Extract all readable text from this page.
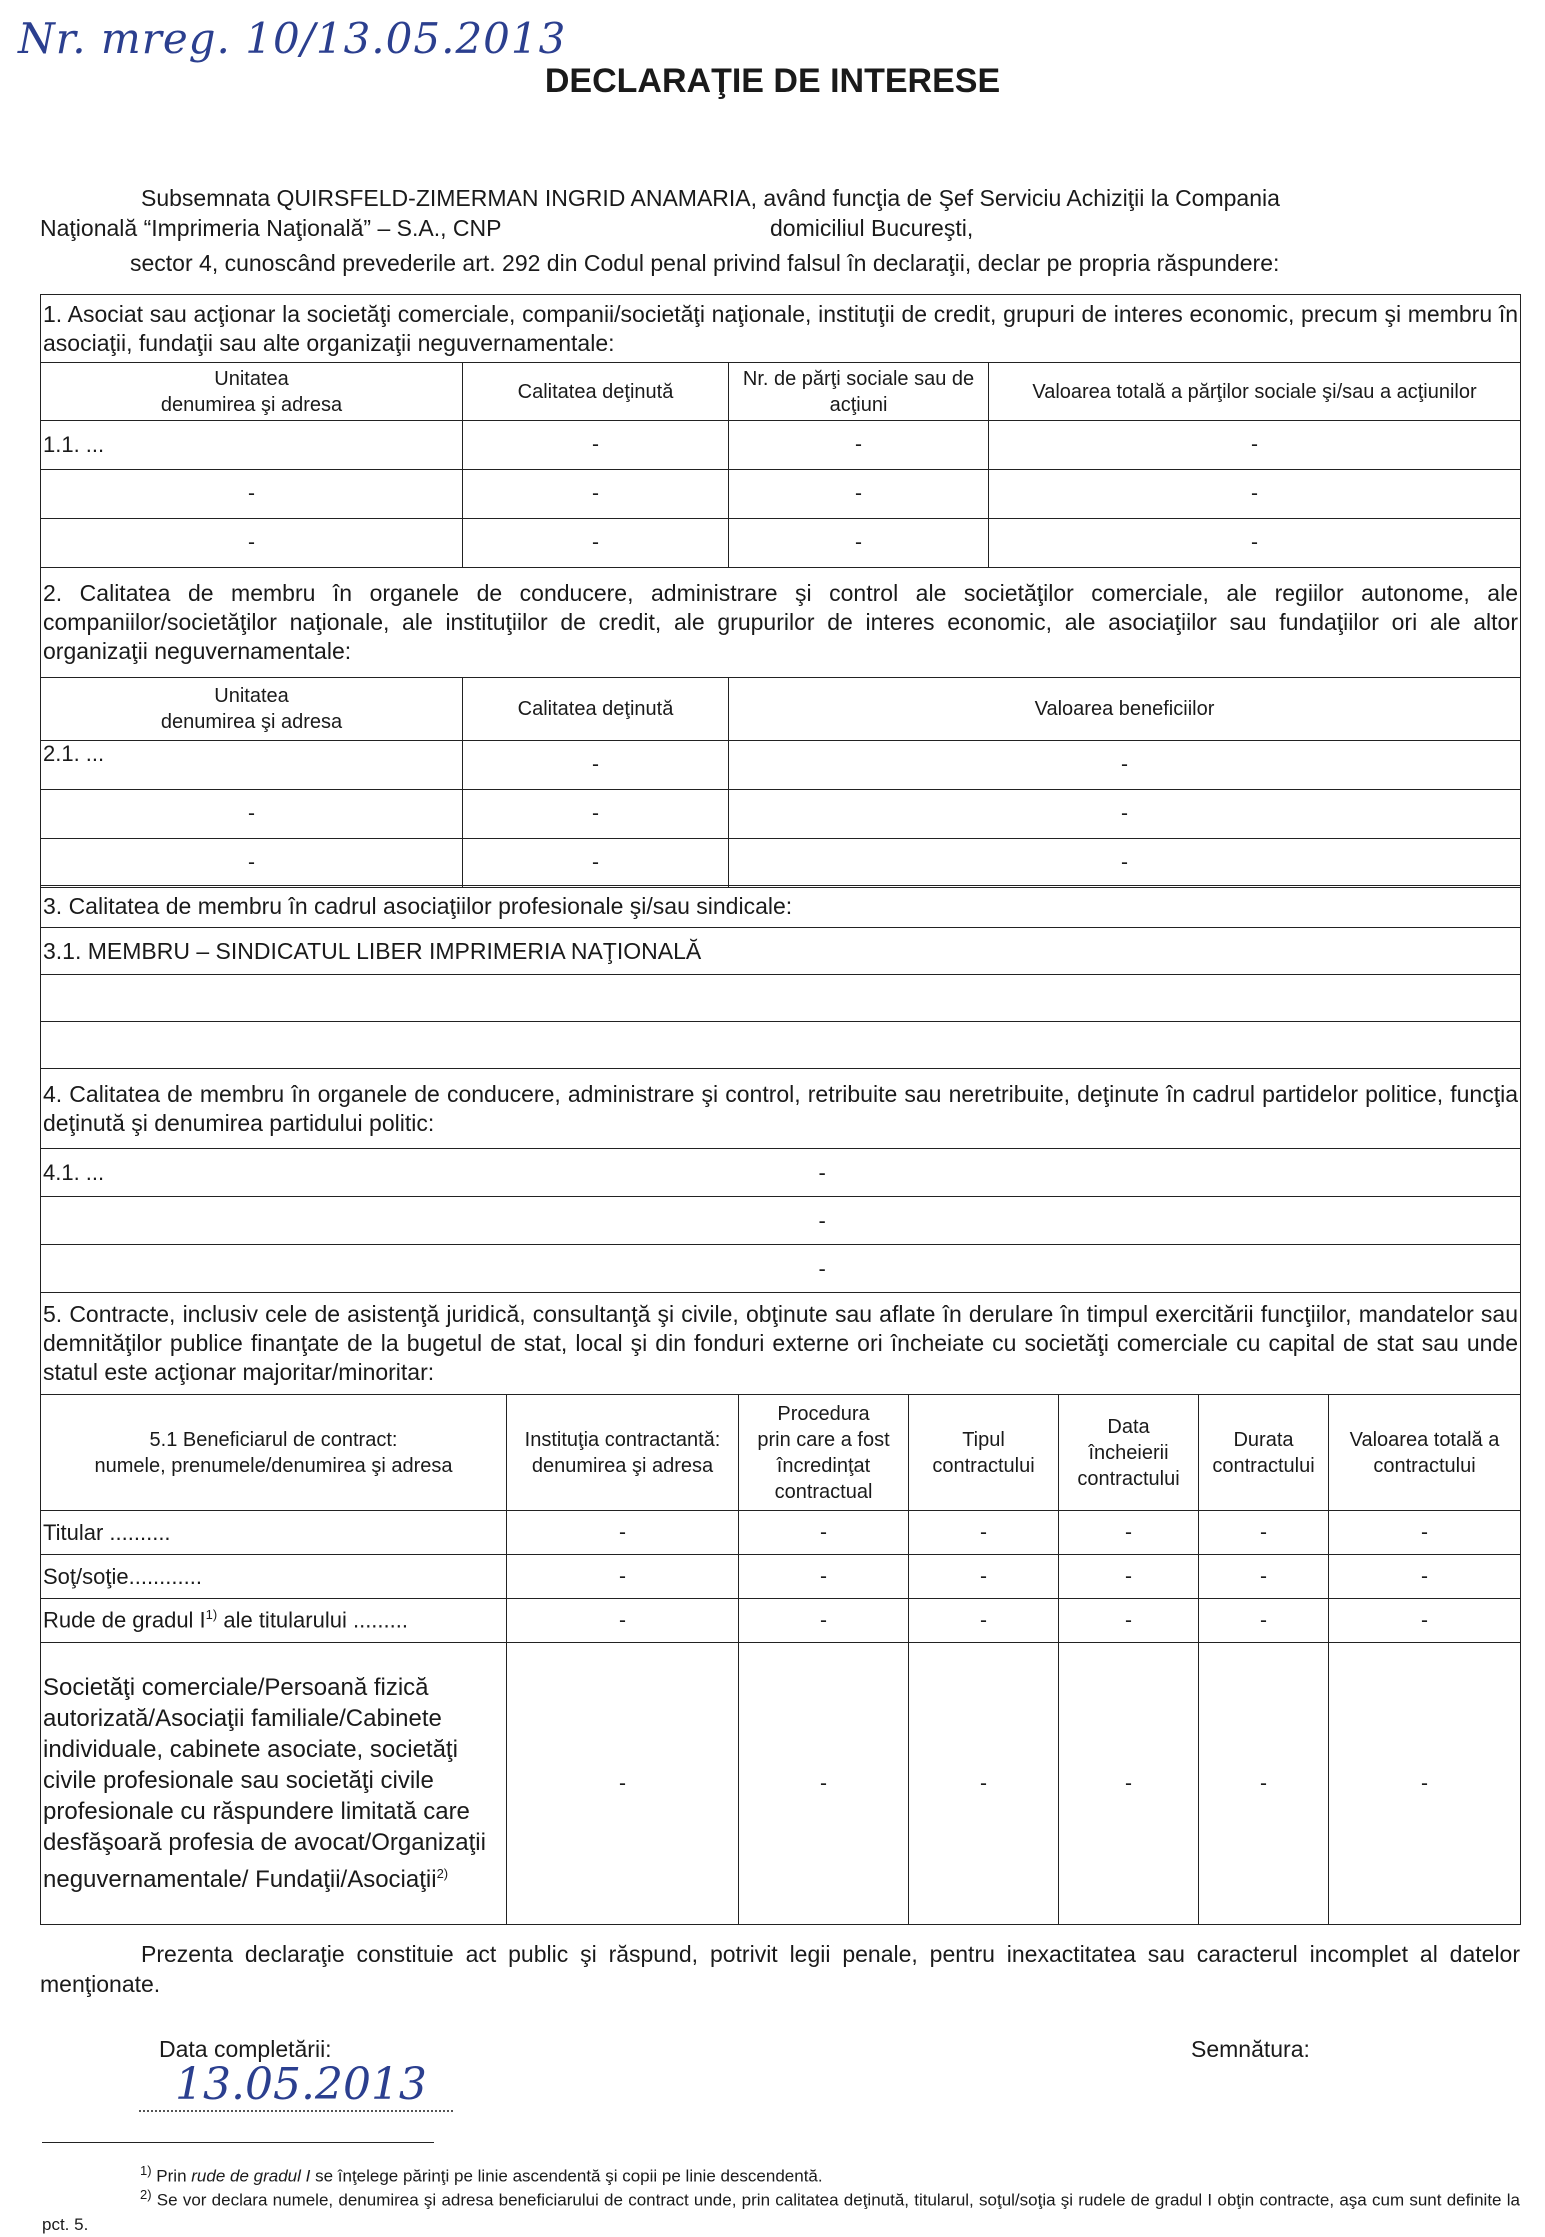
Nr. mreg. 10/13.05.2013
DECLARAŢIE DE INTERESE
Subsemnata QUIRSFELD-ZIMERMAN INGRID ANAMARIA, având funcţia de Şef Serviciu Achiziţii la Compania
Naţională “Imprimeria Naţională” – S.A., CNP	domiciliul Bucureşti,
sector 4, cunoscând prevederile art. 292 din Codul penal privind falsul în declaraţii, declar pe propria răspundere:
1. Asociat sau acţionar la societăţi comerciale, companii/societăţi naţionale, instituţii de credit, grupuri de interes economic, precum şi membru în asociaţii, fundaţii sau alte organizaţii neguvernamentale:			
Unitatea
denumirea şi adresa	Calitatea deţinută	Nr. de părţi sociale sau de acţiuni	Valoarea totală a părţilor sociale şi/sau a acţiunilor
1.1. ...	-	-	-
-	-	-	-
-	-	-	-
2. Calitatea de membru în organele de conducere, administrare şi control ale societăţilor comerciale, ale regiilor autonome, ale companiilor/societăţilor naţionale, ale instituţiilor de credit, ale grupurilor de interes economic, ale asociaţiilor sau fundaţiilor ori ale altor organizaţii neguvernamentale:		
Unitatea
denumirea şi adresa	Calitatea deţinută	Valoarea beneficiilor
2.1. ...	-	-
-	-	-
-	-	-
3. Calitatea de membru în cadrul asociaţiilor profesionale şi/sau sindicale:
3.1. MEMBRU – SINDICATUL LIBER IMPRIMERIA NAŢIONALĂ

4. Calitatea de membru în organele de conducere, administrare şi control, retribuite sau neretribuite, deţinute în cadrul partidelor politice, funcţia deţinută şi denumirea partidului politic:	
4.1. ...	-
	-
	-
5. Contracte, inclusiv cele de asistenţă juridică, consultanţă şi civile, obţinute sau aflate în derulare în timpul exercitării funcţiilor, mandatelor sau demnităţilor publice finanţate de la bugetul de stat, local şi din fonduri externe ori încheiate cu societăţi comerciale cu capital de stat sau unde statul este acţionar majoritar/minoritar:						
5.1 Beneficiarul de contract:
numele, prenumele/denumirea şi adresa	Instituţia contractantă:
denumirea şi adresa	Procedura
prin care a fost
încredinţat
contractual	Tipul
contractului	Data
încheierii
contractului	Durata
contractului	Valoarea totală a
contractului
Titular ..........	-	-	-	-	-	-
Soţ/soţie............	-	-	-	-	-	-
Rude de gradul $I^{1)}$ ale titularului .........	-	-	-	-	-	-
Societăţi comerciale/Persoană fizică autorizată/Asociaţii familiale/Cabinete individuale, cabinete asociate, societăţi civile profesionale sau societăţi civile profesionale cu răspundere limitată care desfăşoară profesia de avocat/Organizaţii neguvernamentale/ Fundaţii/Asociaţii$^{2)}$	-	-	-	-	-	-
Prezenta declaraţie constituie act public şi răspund, potrivit legii penale, pentru inexactitatea sau caracterul incomplet al datelor menţionate.
Data completării:
13.05.2013
Semnătura:
$^{1)}$ Prin rude de gradul I se înţelege părinţi pe linie ascendentă şi copii pe linie descendentă.
$^{2)}$ Se vor declara numele, denumirea şi adresa beneficiarului de contract unde, prin calitatea deţinută, titularul, soţul/soţia şi rudele de gradul I obţin contracte, aşa cum sunt definite la pct. 5.
